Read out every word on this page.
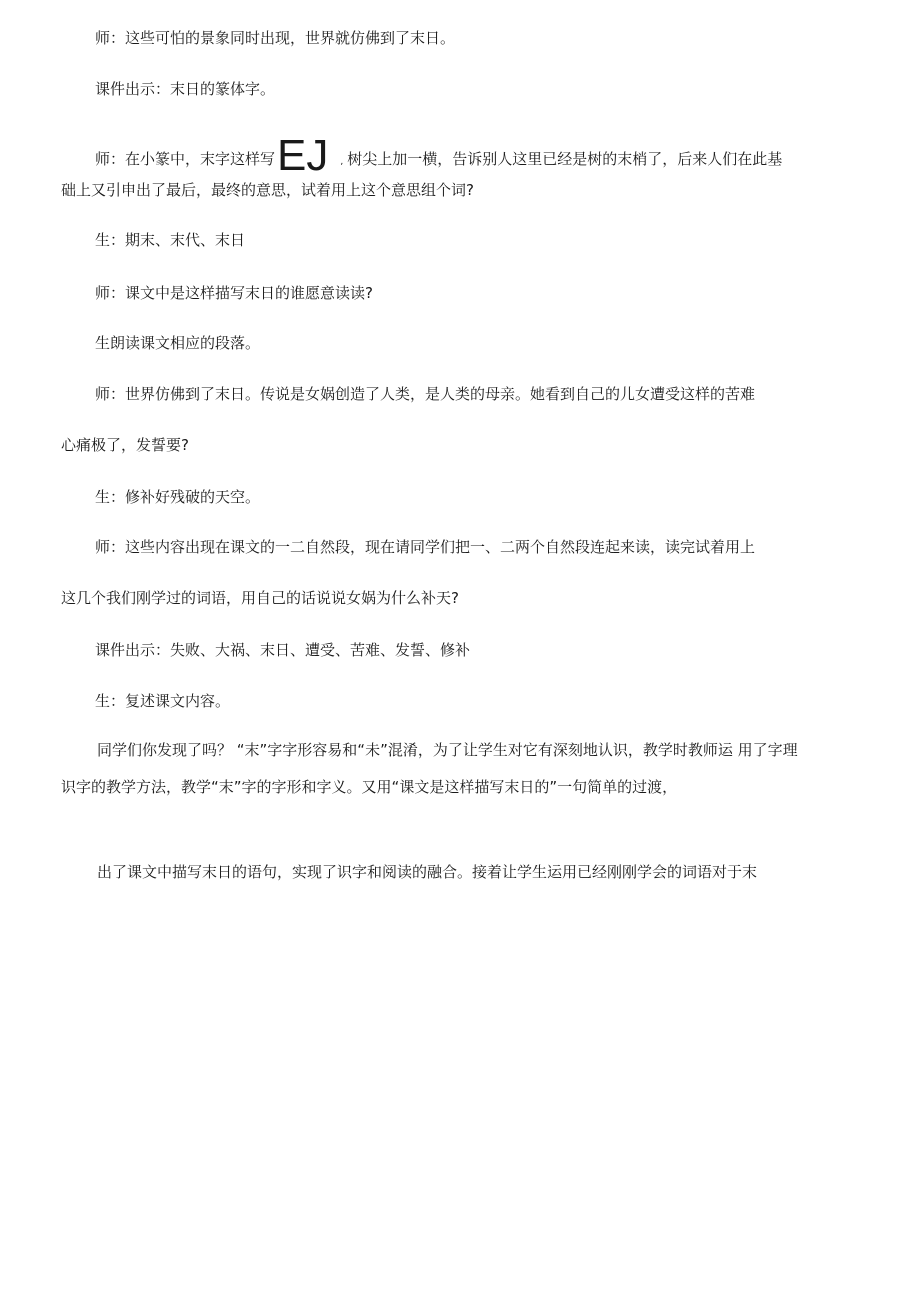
师：这些可怕的景象同时出现，世界就仿佛到了末日。
课件出示：末日的篆体字。
师：在小篆中，末字这样写EJ , 树尖上加一横，告诉别人这里已经是树的末梢了，后来人们在此基
础上又引申出了最后，最终的意思，试着用上这个意思组个词?
生：期末、末代、末日
师：课文中是这样描写末日的谁愿意读读?
生朗读课文相应的段落。
师：世界仿佛到了末日。传说是女娲创造了人类，是人类的母亲。她看到自己的儿女遭受这样的苦难
心痛极了，发誓要?
生：修补好残破的天空。
师：这些内容出现在课文的一二自然段，现在请同学们把一、二两个自然段连起来读，读完试着用上
这几个我们刚学过的词语，用自己的话说说女娲为什么补天?
课件出示：失败、大祸、末日、遭受、苦难、发誓、修补
生：复述课文内容。
同学们你发现了吗？ “末”字字形容易和“未”混淆，为了让学生对它有深刻地认识，教学时教师运 用了字理
识字的教学方法，教学“末”字的字形和字义。又用“课文是这样描写末日的”一句简单的过渡，
出了课文中描写末日的语句，实现了识字和阅读的融合。接着让学生运用已经刚刚学会的词语对于末
